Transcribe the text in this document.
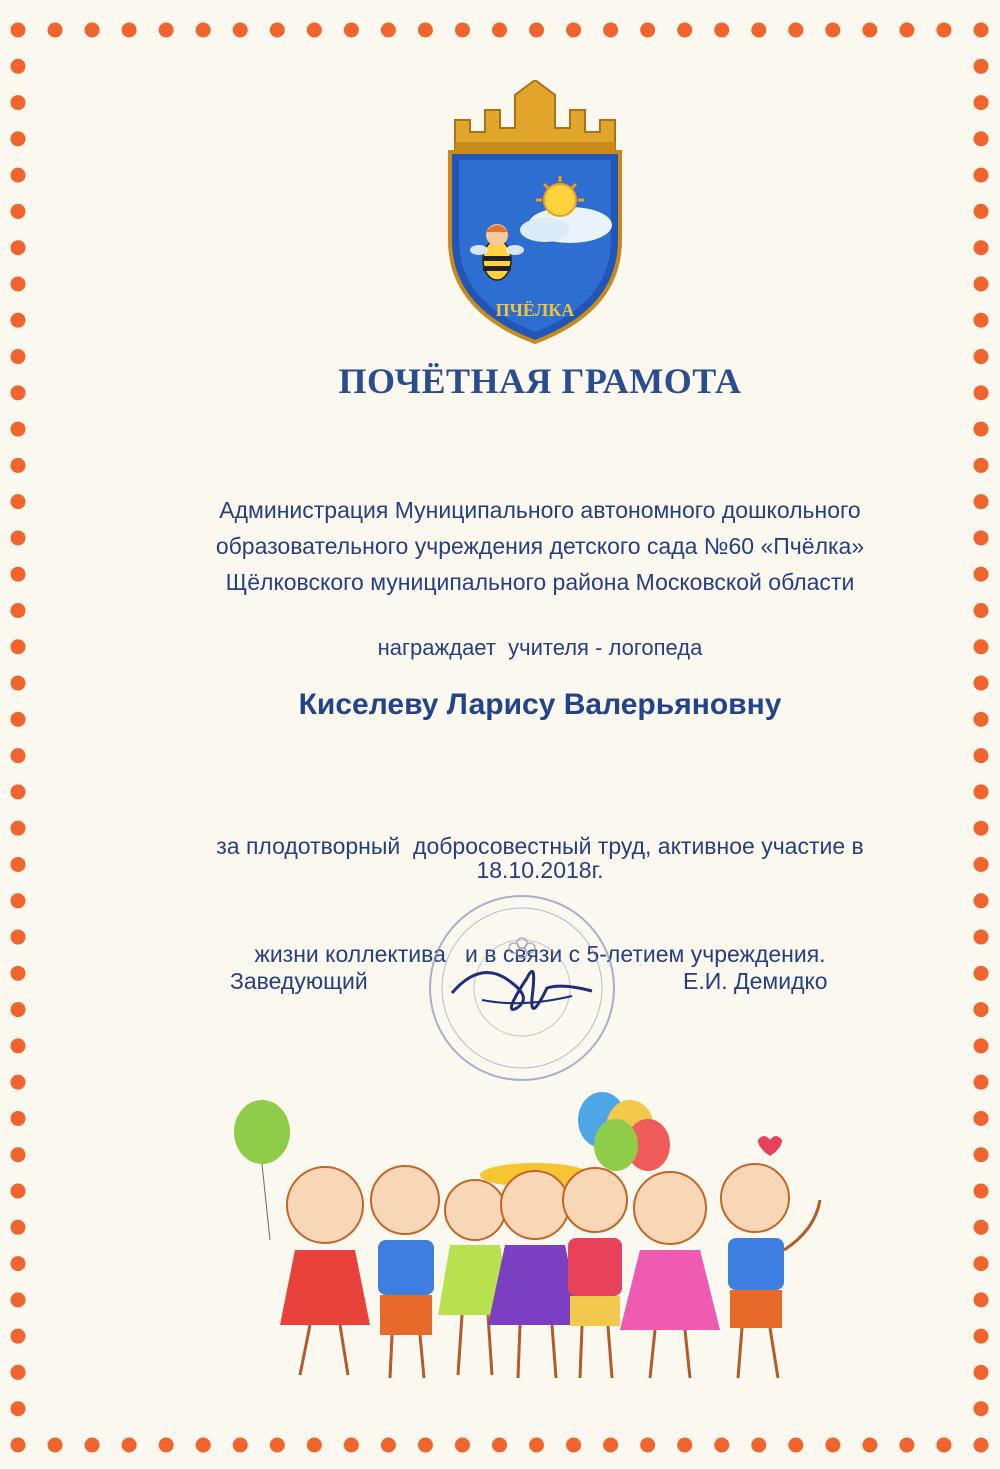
ПЧЁЛКА
ПОЧЁТНАЯ ГРАМОТА
Администрация Муниципального автономного дошкольного
образовательного учреждения детского сада №60 «Пчёлка»
Щёлковского муниципального района Московской области
награждает  учителя - логопеда
Киселеву Ларису Валерьяновну

за плодотворный  добросовестный труд, активное участие в

жизни коллектива   и в связи с 5-летием учреждения.

18.10.2018г.
Заведующий	Е.И. Демидко
